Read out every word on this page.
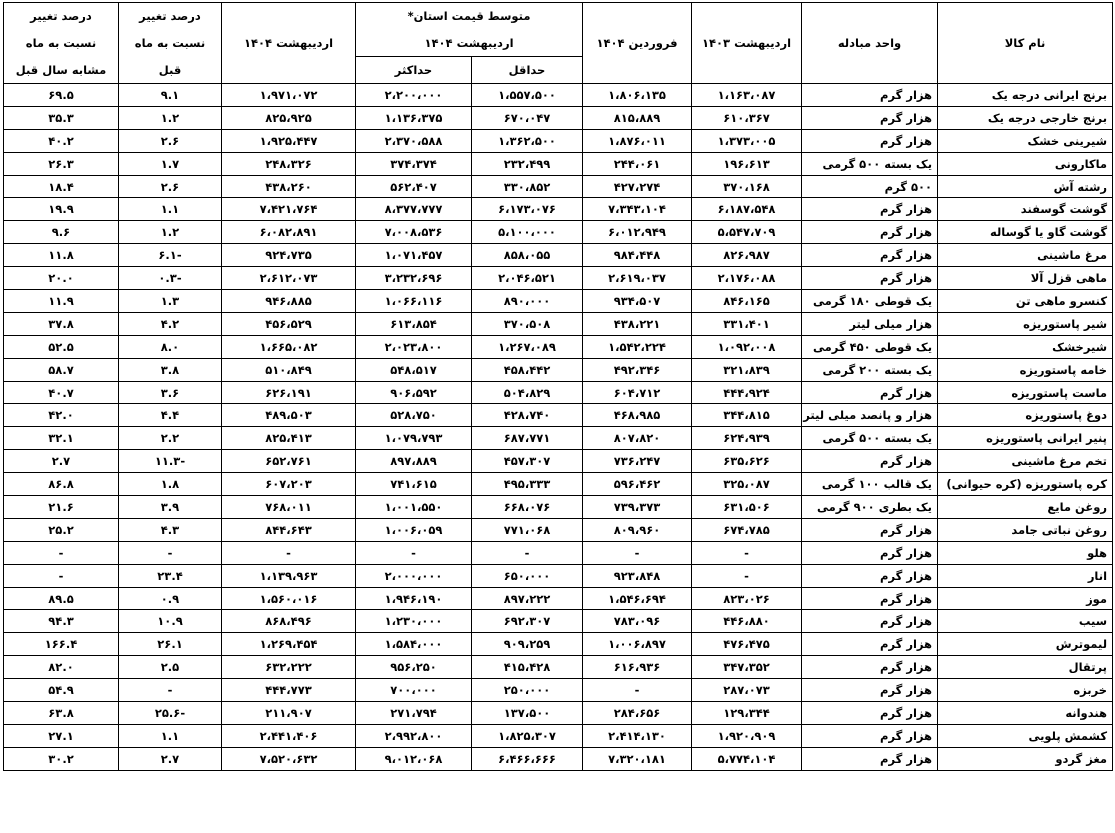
نام کالا	واحد مبادله	اردیبهشت ۱۴۰۳	فروردین ۱۴۰۴	متوسط قیمت استان*		اردیبهشت ۱۴۰۴	درصد تغییر	درصد تغییر
				اردیبهشت ۱۴۰۴			نسبت به ماه	نسبت به ماه
				حداقل	حداکثر		قبل	مشابه سال قبل
برنج ایرانی درجه یک	هزار گرم	۱،۱۶۳،۰۸۷	۱،۸۰۶،۱۳۵	۱،۵۵۷،۵۰۰	۲،۲۰۰،۰۰۰	۱،۹۷۱،۰۷۲	۹.۱	۶۹.۵
برنج خارجی درجه یک	هزار گرم	۶۱۰،۳۶۷	۸۱۵،۸۸۹	۶۷۰،۰۴۷	۱،۱۳۶،۳۷۵	۸۲۵،۹۲۵	۱.۲	۳۵.۳
شیرینی خشک	هزار گرم	۱،۳۷۳،۰۰۵	۱،۸۷۶،۰۱۱	۱،۳۶۲،۵۰۰	۲،۳۷۰،۵۸۸	۱،۹۲۵،۴۴۷	۲.۶	۴۰.۲
ماکارونی	یک بسته ۵۰۰ گرمی	۱۹۶،۶۱۳	۲۴۴،۰۶۱	۲۳۲،۴۹۹	۳۷۴،۳۷۴	۲۴۸،۳۲۶	۱.۷	۲۶.۳
رشته آش	۵۰۰ گرم	۳۷۰،۱۶۸	۴۲۷،۲۷۴	۳۳۰،۸۵۲	۵۶۲،۴۰۷	۴۳۸،۲۶۰	۲.۶	۱۸.۴
گوشت گوسفند	هزار گرم	۶،۱۸۷،۵۴۸	۷،۳۴۳،۱۰۴	۶،۱۷۳،۰۷۶	۸،۳۷۷،۷۷۷	۷،۴۲۱،۷۶۴	۱.۱	۱۹.۹
گوشت گاو یا گوساله	هزار گرم	۵،۵۴۷،۷۰۹	۶،۰۱۲،۹۴۹	۵،۱۰۰،۰۰۰	۷،۰۰۸،۵۳۶	۶،۰۸۲،۸۹۱	۱.۲	۹.۶
مرغ ماشینی	هزار گرم	۸۲۶،۹۸۷	۹۸۴،۴۴۸	۸۵۸،۰۵۵	۱،۰۷۱،۴۵۷	۹۲۴،۷۳۵	-۶.۱	۱۱.۸
ماهی قزل آلا	هزار گرم	۲،۱۷۶،۰۸۸	۲،۶۱۹،۰۳۷	۲،۰۴۶،۵۲۱	۳،۲۳۲،۶۹۶	۲،۶۱۲،۰۷۳	-۰.۳	۲۰.۰
کنسرو ماهی تن	یک قوطی ۱۸۰ گرمی	۸۴۶،۱۶۵	۹۳۴،۵۰۷	۸۹۰،۰۰۰	۱،۰۶۶،۱۱۶	۹۴۶،۸۸۵	۱.۳	۱۱.۹
شیر پاستوریزه	هزار میلی لیتر	۳۳۱،۴۰۱	۴۳۸،۲۲۱	۳۷۰،۵۰۸	۶۱۳،۸۵۴	۴۵۶،۵۲۹	۴.۲	۳۷.۸
شیرخشک	یک قوطی ۴۵۰ گرمی	۱،۰۹۲،۰۰۸	۱،۵۴۲،۲۲۴	۱،۲۶۷،۰۸۹	۲،۰۲۳،۸۰۰	۱،۶۶۵،۰۸۲	۸.۰	۵۲.۵
خامه پاستوریزه	یک بسته ۲۰۰ گرمی	۳۲۱،۸۳۹	۴۹۲،۳۴۶	۴۵۸،۴۴۲	۵۴۸،۵۱۷	۵۱۰،۸۴۹	۳.۸	۵۸.۷
ماست پاستوریزه	هزار گرم	۴۴۴،۹۲۴	۶۰۴،۷۱۲	۵۰۴،۸۲۹	۹۰۶،۵۹۲	۶۲۶،۱۹۱	۳.۶	۴۰.۷
دوغ پاستوریزه	هزار و پانصد میلی لیتر	۳۴۴،۸۱۵	۴۶۸،۹۸۵	۴۲۸،۷۴۰	۵۲۸،۷۵۰	۴۸۹،۵۰۳	۴.۴	۴۲.۰
پنیر ایرانی پاستوریزه	یک بسته ۵۰۰ گرمی	۶۲۴،۹۳۹	۸۰۷،۸۲۰	۶۸۷،۷۷۱	۱،۰۷۹،۷۹۳	۸۲۵،۴۱۳	۲.۲	۳۲.۱
تخم مرغ ماشینی	هزار گرم	۶۳۵،۶۲۶	۷۳۶،۲۴۷	۴۵۷،۳۰۷	۸۹۷،۸۸۹	۶۵۲،۷۶۱	-۱۱.۳	۲.۷
کره پاستوریزه (کره حیوانی)	یک قالب ۱۰۰ گرمی	۳۲۵،۰۸۷	۵۹۶،۴۶۲	۴۹۵،۳۳۳	۷۴۱،۶۱۵	۶۰۷،۲۰۳	۱.۸	۸۶.۸
روغن مایع	یک بطری ۹۰۰ گرمی	۶۳۱،۵۰۶	۷۳۹،۳۷۳	۶۶۸،۰۷۶	۱،۰۰۱،۵۵۰	۷۶۸،۰۱۱	۳.۹	۲۱.۶
روغن نباتی جامد	هزار گرم	۶۷۴،۷۸۵	۸۰۹،۹۶۰	۷۷۱،۰۶۸	۱،۰۰۶،۰۵۹	۸۴۴،۶۴۳	۴.۳	۲۵.۲
هلو	هزار گرم	-	-	-	-	-	-	-
انار	هزار گرم	-	۹۲۳،۸۴۸	۶۵۰،۰۰۰	۲،۰۰۰،۰۰۰	۱،۱۳۹،۹۶۳	۲۳.۴	-
موز	هزار گرم	۸۲۳،۰۲۶	۱،۵۴۶،۶۹۴	۸۹۷،۲۲۲	۱،۹۴۶،۱۹۰	۱،۵۶۰،۰۱۶	۰.۹	۸۹.۵
سیب	هزار گرم	۴۴۶،۸۸۰	۷۸۳،۰۹۶	۶۹۲،۳۰۷	۱،۲۳۰،۰۰۰	۸۶۸،۴۹۶	۱۰.۹	۹۴.۳
لیموترش	هزار گرم	۴۷۶،۴۷۵	۱،۰۰۶،۸۹۷	۹۰۹،۲۵۹	۱،۵۸۴،۰۰۰	۱،۲۶۹،۴۵۴	۲۶.۱	۱۶۶.۴
پرتقال	هزار گرم	۳۴۷،۳۵۲	۶۱۶،۹۳۶	۴۱۵،۴۲۸	۹۵۶،۲۵۰	۶۳۲،۲۲۲	۲.۵	۸۲.۰
خربزه	هزار گرم	۲۸۷،۰۷۳	-	۲۵۰،۰۰۰	۷۰۰،۰۰۰	۴۴۴،۷۷۳	-	۵۴.۹
هندوانه	هزار گرم	۱۲۹،۳۴۴	۲۸۴،۶۵۶	۱۳۷،۵۰۰	۲۷۱،۷۹۴	۲۱۱،۹۰۷	-۲۵.۶	۶۳.۸
کشمش پلویی	هزار گرم	۱،۹۲۰،۹۰۹	۲،۴۱۴،۱۳۰	۱،۸۲۵،۳۰۷	۲،۹۹۲،۸۰۰	۲،۴۴۱،۴۰۶	۱.۱	۲۷.۱
مغز گردو	هزار گرم	۵،۷۷۴،۱۰۴	۷،۳۲۰،۱۸۱	۶،۴۶۶،۶۶۶	۹،۰۱۲،۰۶۸	۷،۵۲۰،۶۳۲	۲.۷	۳۰.۲
